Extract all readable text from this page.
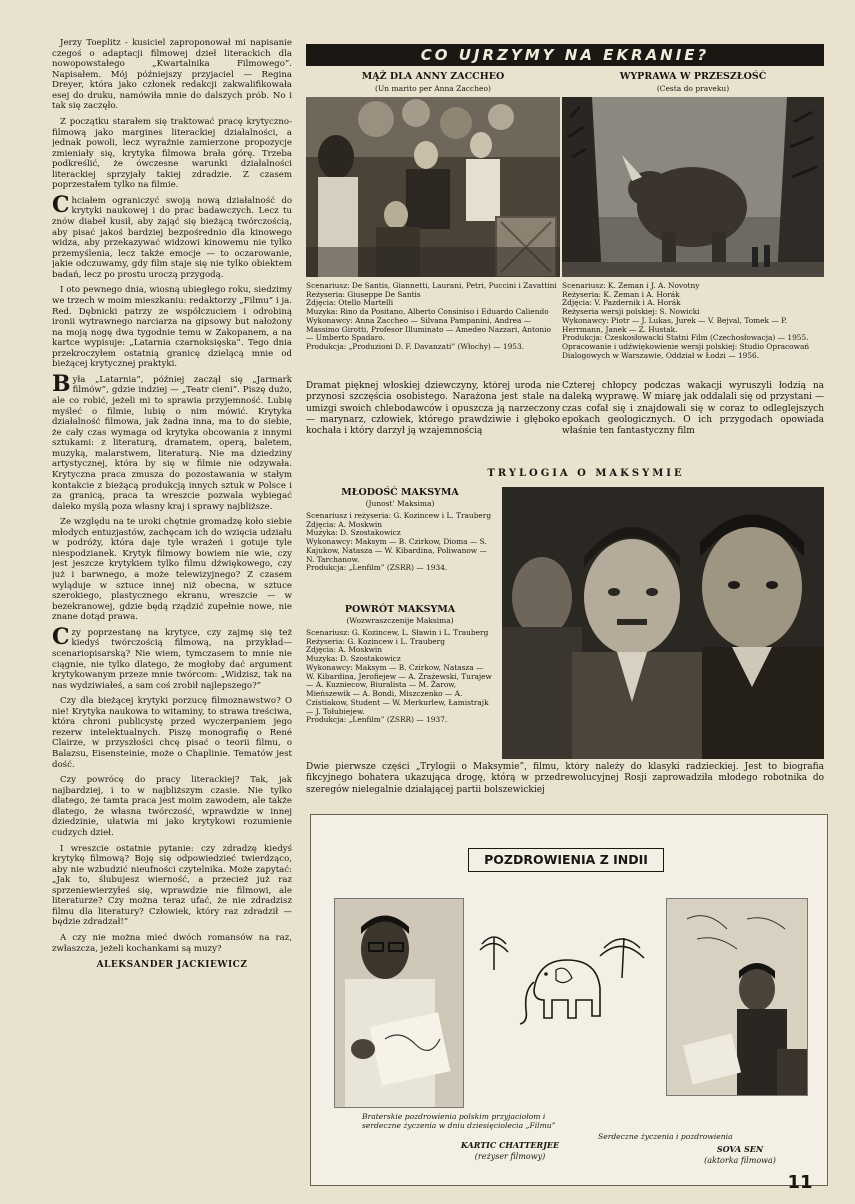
Jerzy Toeplitz - kusiciel zaproponował mi napisanie czegoś o adaptacji filmowej dzieł literackich dla nowopowstałego „Kwartalnika Filmowego”. Napisałem. Mój późniejszy przyjaciel — Regina Dreyer, która jako członek redakcji zakwalifikowała esej do druku, namówiła mnie do dalszych prób. No i tak się zaczęło.

Z początku starałem się traktować pracę krytyczno-filmową jako margines literackiej działalności, a jednak powoli, lecz wyraźnie zamierzone propozycje zmieniały się, krytyka filmowa brała górę. Trzeba podkreślić, że ówczesne warunki działalności literackiej sprzyjały takiej zdradzie. Z czasem poprzestałem tylko na filmie.

Chciałem ograniczyć swoją nową działalność do krytyki naukowej i do prac badawczych. Lecz tu znów diabeł kusił, aby zająć się bieżącą twórczością, aby pisać jakoś bardziej bezpośrednio dla kinowego widza, aby przekazywać widzowi kinowemu nie tylko przemyślenia, lecz także emocje — to oczarowanie, jakie odczuwamy, gdy film staje się nie tylko obiektem badań, lecz po prostu uroczą przygodą.

I oto pewnego dnia, wiosną ubiegłego roku, siedzimy we trzech w moim mieszkaniu: redaktorzy „Filmu” i ja. Red. Dębnicki patrzy ze współczuciem i odrobiną ironii wytrawnego narciarza na gipsowy but nałożony na moją nogę dwa tygodnie temu w Zakopanem, a na kartce wypisuje: „Latarnia czarnoksięska”. Tego dnia przekroczyłem ostatnią granicę dzielącą mnie od bieżącej krytycznej praktyki.

Była „Latarnia”, później zaczął się „Jarmark filmów”, gdzie indziej — „Teatr cieni”. Piszę dużo, ale co robić, jeżeli mi to sprawia przyjemność. Lubię myśleć o filmie, lubię o nim mówić. Krytyka działalność filmowa, jak żadna inna, ma to do siebie, że cały czas wymaga od krytyka obcowania z innymi sztukami: z literaturą, dramatem, operą, baletem, muzyką, malarstwem, literaturą. Nie ma dziedziny artystycznej, która by się w filmie nie odzywała. Krytyczna praca zmusza do pozostawania w stałym kontakcie z bieżącą produkcją innych sztuk w Polsce i za granicą, praca ta wreszcie pozwala wybiegać daleko myślą poza własny kraj i sprawy najbliższe.

Ze względu na te uroki chętnie gromadzę koło siebie młodych entuzjastów, zachęcam ich do wzięcia udziału w podróży, która daje tyle wrażeń i gotuje tyle niespodzianek. Krytyk filmowy bowiem nie wie, czy jest jeszcze krytykiem tylko filmu dźwiękowego, czy już i barwnego, a może telewizyjnego? Z czasem wyląduje w sztuce innej niż obecna, w sztuce szerokiego, plastycznego ekranu, wreszcie — w bezekranowej, gdzie będą rządzić zupełnie nowe, nie znane dotąd prawa.

Czy poprzestanę na krytyce, czy zajmę się też kiedyś twórczością filmową, na przykład—scenariopisarską? Nie wiem, tymczasem to mnie nie ciągnie, nie tylko dlatego, że mogłoby dać argument krytykowanym przeze mnie twórcom: „Widzisz, tak na nas wydziwiałeś, a sam coś zrobił najlepszego?”

Czy dla bieżącej krytyki porzucę filmoznawstwo? O nie! Krytyka naukowa to witaminy, to strawa treściwa, która chroni publicystę przed wyczerpaniem jego rezerw intelektualnych. Piszę monografię o René Clairze, w przyszłości chcę pisać o teorii filmu, o Balazsu, Eisensteinie, może o Chaplinie. Tematów jest dość.

Czy powrócę do pracy literackiej? Tak, jak najbardziej, i to w najbliższym czasie. Nie tylko dlatego, że tamta praca jest moim zawodem, ale także dlatego, że własna twórczość, wprawdzie w innej dziedzinie, ułatwia mi jako krytykowi rozumienie cudzych dzieł.

I wreszcie ostatnie pytanie: czy zdradzę kiedyś krytykę filmową? Boję się odpowiedzieć twierdząco, aby nie wzbudzić nieufności czytelnika. Może zapytać: „Jak to, ślubujesz wierność, a przecież już raz sprzeniewierzyłeś się, wprawdzie nie filmowi, ale literaturze? Czy można teraz ufać, że nie zdradzisz filmu dla literatury? Człowiek, który raz zdradził — będzie zdradzał!”

A czy nie można mieć dwóch romansów na raz, zwłaszcza, jeżeli kochankami są muzy?

ALEKSANDER JACKIEWICZ
CO UJRZYMY NA EKRANIE?
MĄŻ DLA ANNY ZACCHEO
(Un marito per Anna Zaccheo)
Scenariusz: De Santis, Giannetti, Laurani, Petri, Puccini i Zavattini
Reżyseria: Giuseppe De Santis
Zdjęcia: Otello Martelli
Muzyka: Rino da Positano, Alberto Consiniso i Eduardo Caliendo
Wykonawcy: Anna Zaccheo — Silvana Pampanini, Andrea — Massimo Girotti, Profesor Illuminato — Amedeo Nazzari, Antonio — Umberto Spadaro.
Produkcja: „Produzioni D. F. Davanzati” (Włochy) — 1953.
Dramat pięknej włoskiej dziewczyny, której uroda nie przynosi szczęścia osobistego. Narażona jest stale na umizgi swoich chlebodawców i opuszcza ją narzeczony — marynarz, człowiek, którego prawdziwie i głęboko kochała i który darzył ją wzajemnością
WYPRAWA W PRZESZŁOŚĆ
(Cesta do praveku)
Scenariusz: K. Zeman i J. A. Novotny
Reżyseria: K. Zeman i A. Horák
Zdjęcia: V. Pazdernik i A. Horák
Reżyseria wersji polskiej: S. Nowicki
Wykonawcy: Piotr — J. Lukas, Jurek — V. Bejval, Tomek — P. Herrmann, Janek — Z. Hustak.
Produkcja: Czeskosłowacki Statni Film (Czechosłowacja) — 1955.
Opracowanie i udźwiękowienie wersji polskiej: Studio Opracowań Dialogowych w Warszawie, Oddział w Łodzi — 1956.
Czterej chłopcy podczas wakacji wyruszyli łodzią na daleką wyprawę. W miarę jak oddalali się od przystani — czas cofał się i znajdowali się w coraz to odleglejszych epokach geologicznych. O ich przygodach opowiada właśnie ten fantastyczny film
TRYLOGIA O MAKSYMIE
MŁODOŚĆ MAKSYMA
(Junost' Maksima)
Scenariusz i reżyseria: G. Kozincew i L. Trauberg
Zdjęcia: A. Moskwin
Muzyka: D. Szostakowicz
Wykonawcy: Maksym — B. Czirkow, Dioma — S. Kajukow, Natasza — W. Kibardina, Poliwanow — N. Tarchanow.
Produkcja: „Lenfilm” (ZSRR) — 1934.
POWRÓT MAKSYMA
(Wozwraszczenije Maksima)
Scenariusz: G. Kozincew, L. Sławin i L. Trauberg
Reżyseria: G. Kozincew i L. Trauberg
Zdjęcia: A. Moskwin
Muzyka: D. Szostakowicz
Wykonawcy: Maksym — B. Czirkow, Natasza — W. Kibardina, Jerofiejew — A. Zrażewski, Turajew — A. Kuzniecow, Biuralista — M. Żarow, Mieńszewik — A. Bondi, Miszczenko — A. Czistiakow, Student — W. Merkurlew, Łamistrajk — J. Tołubiejew.
Produkcja: „Lenfilm” (ZSRR) — 1937.
Dwie pierwsze części „Trylogii o Maksymie”, filmu, który należy do klasyki radzieckiej. Jest to biografia fikcyjnego bohatera ukazująca drogę, którą w przedrewolucyjnej Rosji zaprowadziła młodego robotnika do szeregów nielegalnie działającej partii bolszewickiej
POZDROWIENIA Z INDII
Braterskie pozdrowienia polskim przyjaciołom i serdeczne życzenia w dniu dziesięciolecia „Filmu”
KARTIC CHATTERJEE
(reżyser filmowy)
Serdeczne życzenia i pozdrowienia
SOVA SEN
(aktorka filmowa)
11
